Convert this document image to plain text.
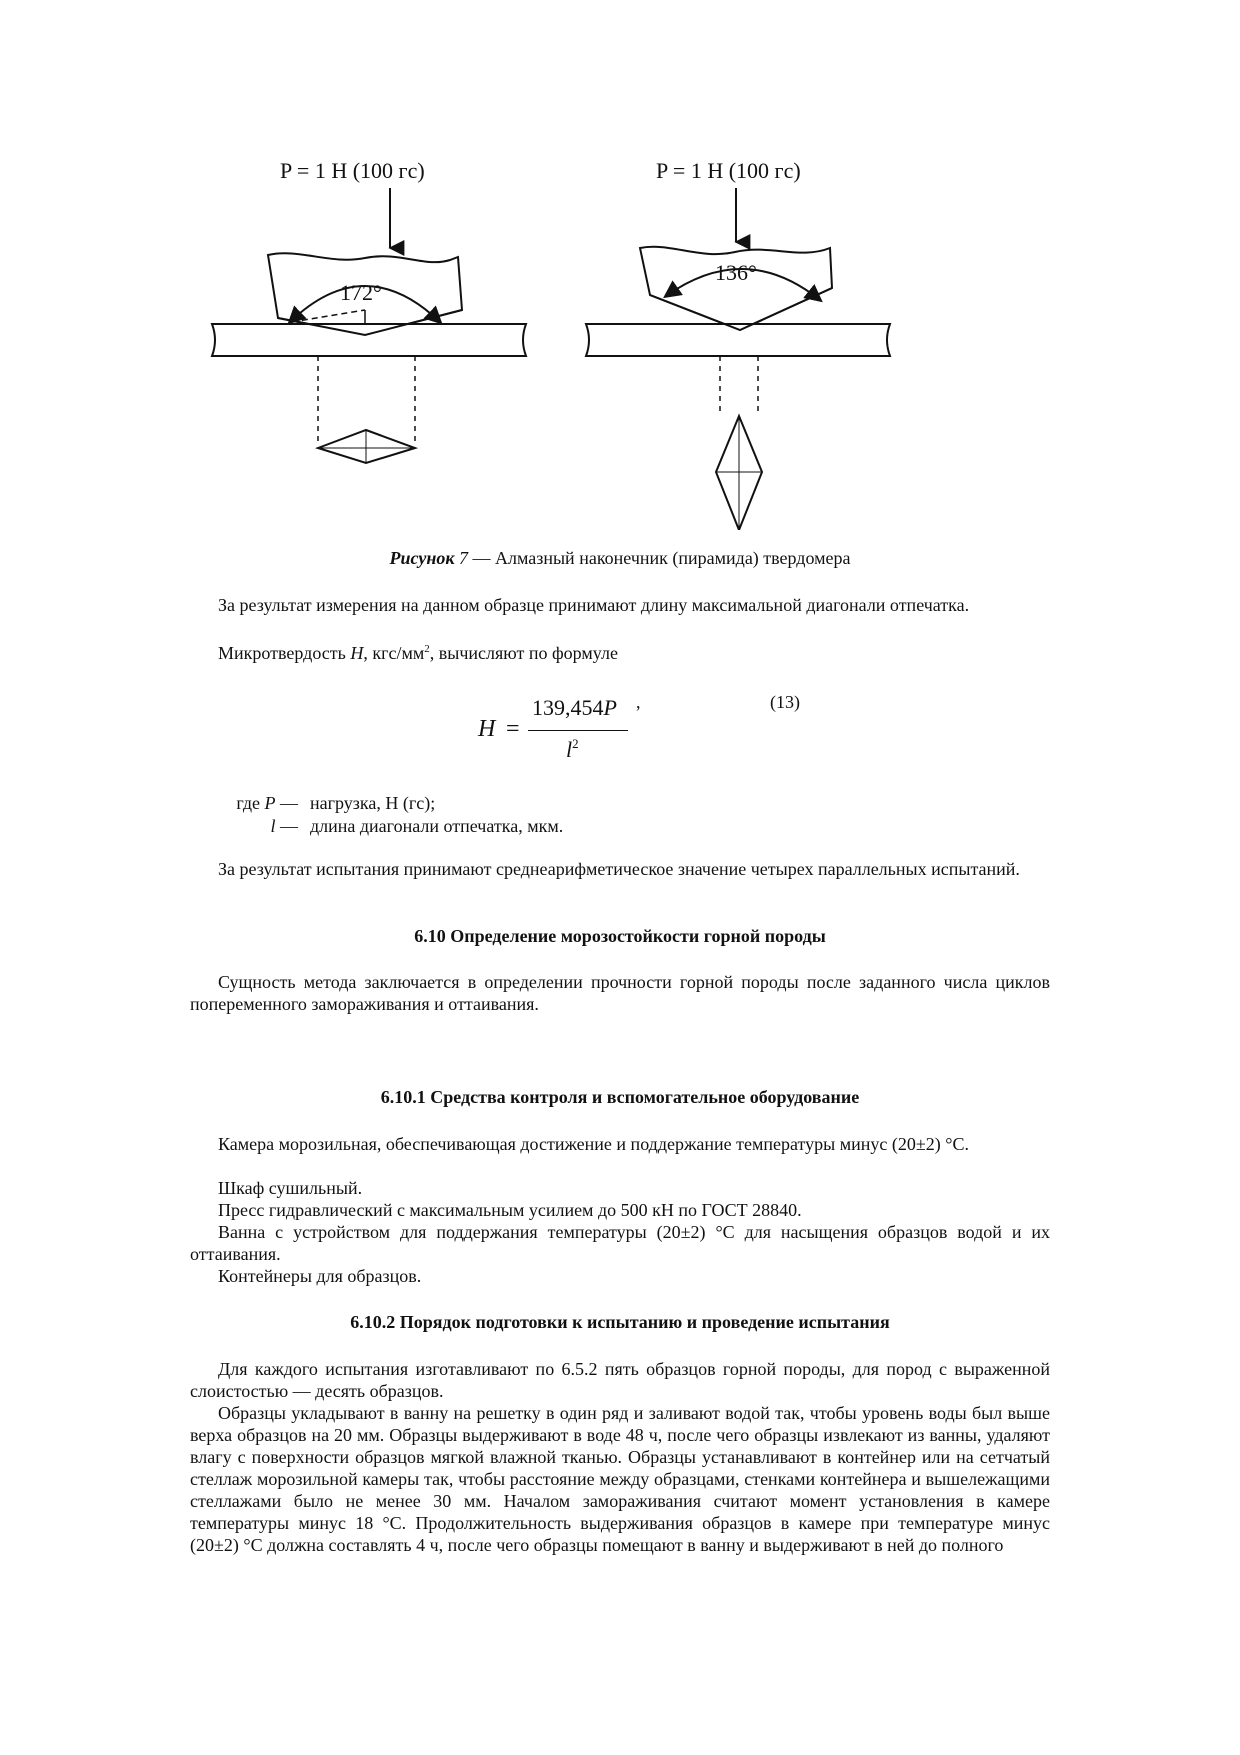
P = 1 Н (100 гс)
172°
P = 1 Н (100 гс)
136°
Рисунок 7 — Алмазный наконечник (пирамида) твердомера
За результат измерения на данном образце принимают длину максимальной диагонали отпечатка.
Микротвердость H, кгс/$мм^2$, вычисляют по формуле
H =
139,454P
$l^2$
,	(13)
где P — нагрузка, Н (гс);
l — длина диагонали отпечатка, мкм.
За результат испытания принимают среднеарифметическое значение четырех параллельных испытаний.
6.10 Определение морозостойкости горной породы
Сущность метода заключается в определении прочности горной породы после заданного числа циклов попеременного замораживания и оттаивания.
6.10.1 Средства контроля и вспомогательное оборудование
Камера морозильная, обеспечивающая достижение и поддержание температуры минус (20±2) °С.
Шкаф сушильный.
Пресс гидравлический с максимальным усилием до 500 кН по ГОСТ 28840.
Ванна с устройством для поддержания температуры (20±2) °С для насыщения образцов водой и их оттаивания.
Контейнеры для образцов.
6.10.2 Порядок подготовки к испытанию и проведение испытания
Для каждого испытания изготавливают по 6.5.2 пять образцов горной породы, для пород с выраженной слоистостью — десять образцов.
Образцы укладывают в ванну на решетку в один ряд и заливают водой так, чтобы уровень воды был выше верха образцов на 20 мм. Образцы выдерживают в воде 48 ч, после чего образцы извлекают из ванны, удаляют влагу с поверхности образцов мягкой влажной тканью. Образцы устанавливают в контейнер или на сетчатый стеллаж морозильной камеры так, чтобы расстояние между образцами, стенками контейнера и вышележащими стеллажами было не менее 30 мм. Началом замораживания считают момент установления в камере температуры минус 18 °С. Продолжительность выдерживания образцов в камере при температуре минус (20±2) °С должна составлять 4 ч, после чего образцы помещают в ванну и выдерживают в ней до полного
